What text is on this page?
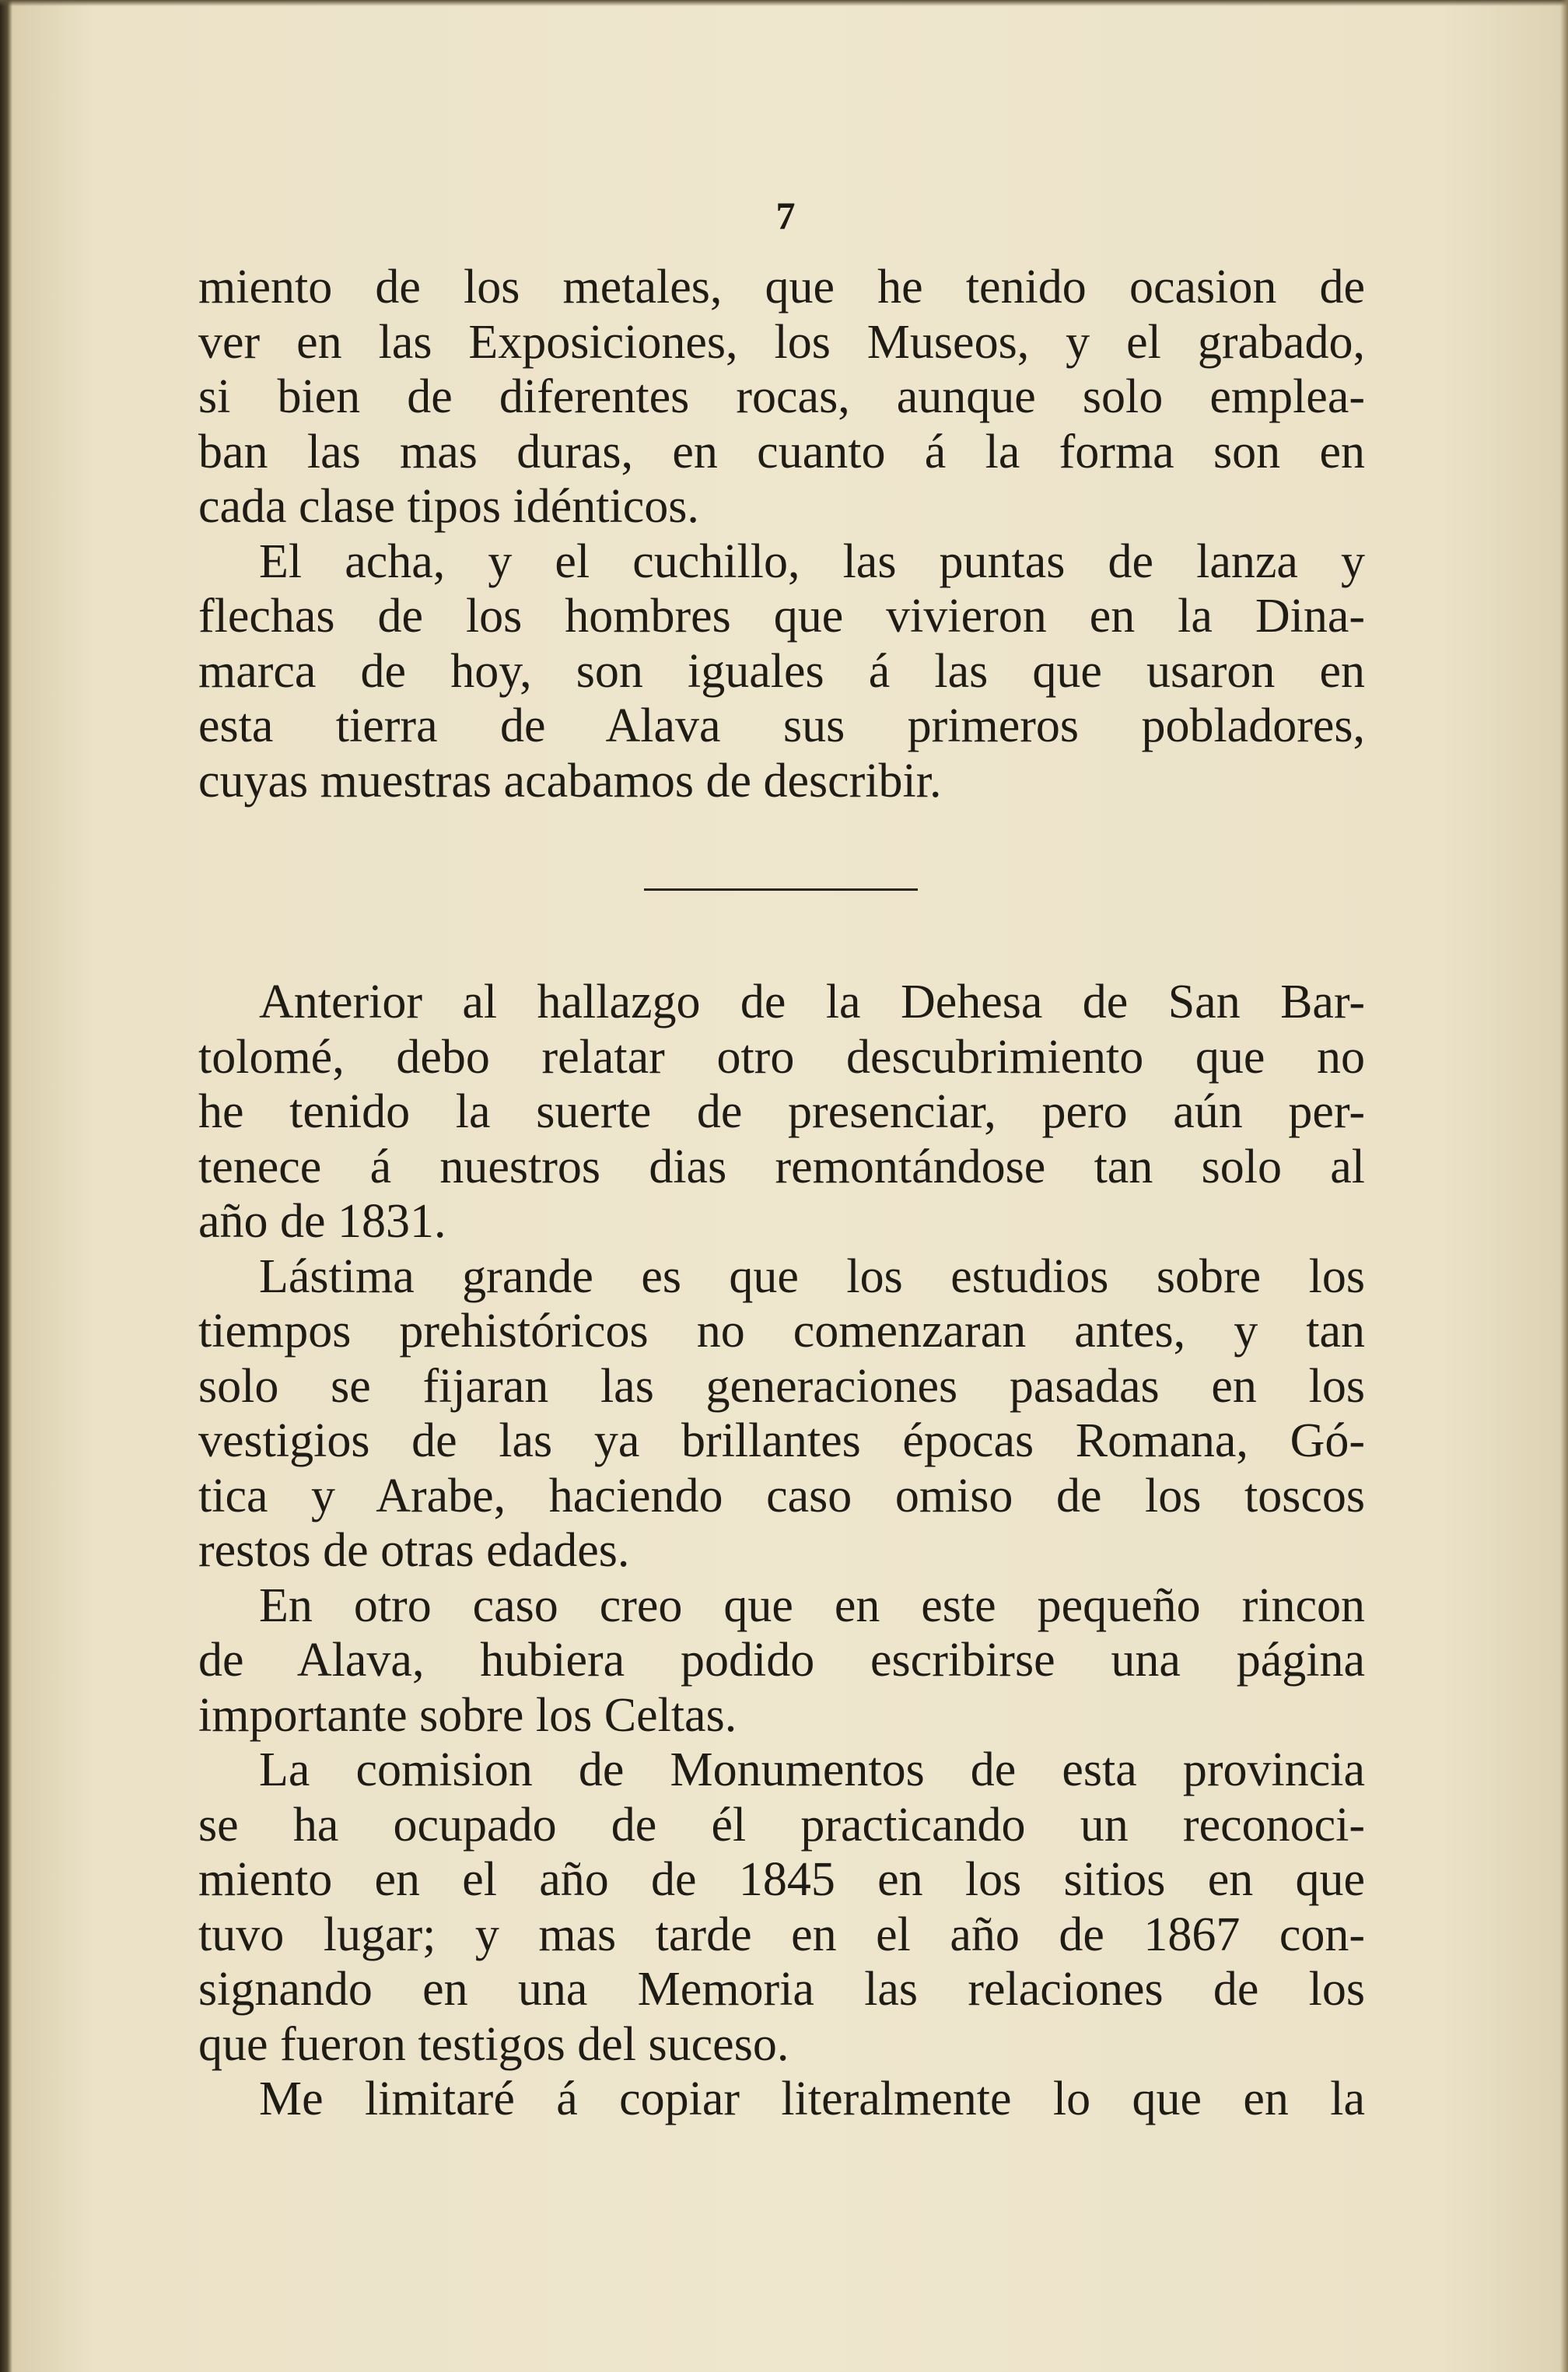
7
miento de los metales, que he tenido ocasion de
ver en las Exposiciones, los Museos, y el grabado,
si bien de diferentes rocas, aunque solo emplea-
ban las mas duras, en cuanto á la forma son en
cada clase tipos idénticos.
El acha, y el cuchillo, las puntas de lanza y
flechas de los hombres que vivieron en la Dina-
marca de hoy, son iguales á las que usaron en
esta tierra de Alava sus primeros pobladores,
cuyas muestras acabamos de describir.
Anterior al hallazgo de la Dehesa de San Bar-
tolomé, debo relatar otro descubrimiento que no
he tenido la suerte de presenciar, pero aún per-
tenece á nuestros dias remontándose tan solo al
año de 1831.
Lástima grande es que los estudios sobre los
tiempos prehistóricos no comenzaran antes, y tan
solo se fijaran las generaciones pasadas en los
vestigios de las ya brillantes épocas Romana, Gó-
tica y Arabe, haciendo caso omiso de los toscos
restos de otras edades.
En otro caso creo que en este pequeño rincon
de Alava, hubiera podido escribirse una página
importante sobre los Celtas.
La comision de Monumentos de esta provincia
se ha ocupado de él practicando un reconoci-
miento en el año de 1845 en los sitios en que
tuvo lugar; y mas tarde en el año de 1867 con-
signando en una Memoria las relaciones de los
que fueron testigos del suceso.
Me limitaré á copiar literalmente lo que en la
